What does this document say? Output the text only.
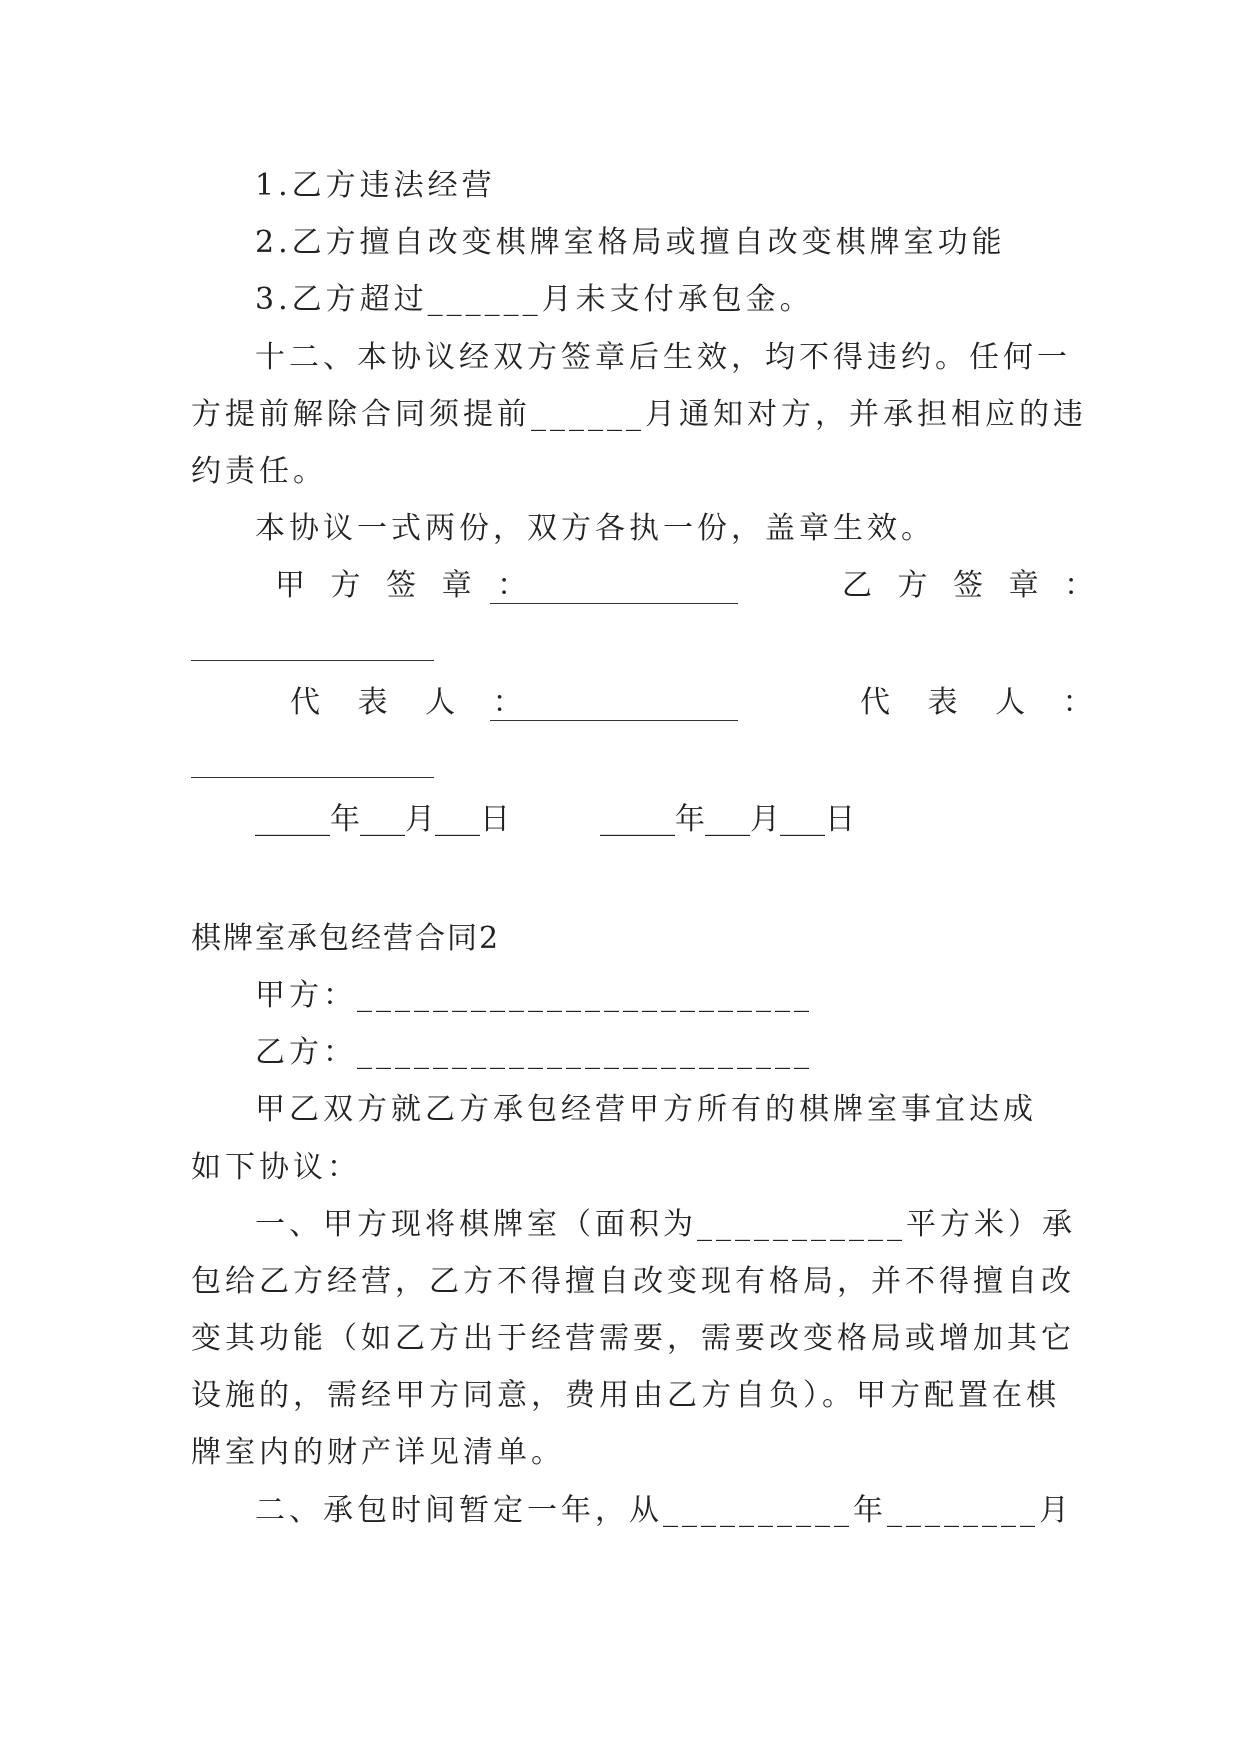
1.乙方违法经营
2.乙方擅自改变棋牌室格局或擅自改变棋牌室功能
3.乙方超过______月未支付承包金。
十二、本协议经双方签章后生效，均不得违约。任何一
方提前解除合同须提前______月通知对方，并承担相应的违
约责任。
本协议一式两份，双方各执一份，盖章生效。
甲 方 签 章 ：	乙 方 签 章 ：
代 表 人 ：	代 表 人 ：
_____年___月___日	_____年___月___日
棋牌室承包经营合同2
甲方：________________________
乙方：________________________
甲乙双方就乙方承包经营甲方所有的棋牌室事宜达成
如下协议：
一、甲方现将棋牌室（面积为___________平方米）承
包给乙方经营，乙方不得擅自改变现有格局，并不得擅自改
变其功能（如乙方出于经营需要，需要改变格局或增加其它
设施的，需经甲方同意，费用由乙方自负）。甲方配置在棋
牌室内的财产详见清单。
二、承包时间暂定一年，从__________年________月
